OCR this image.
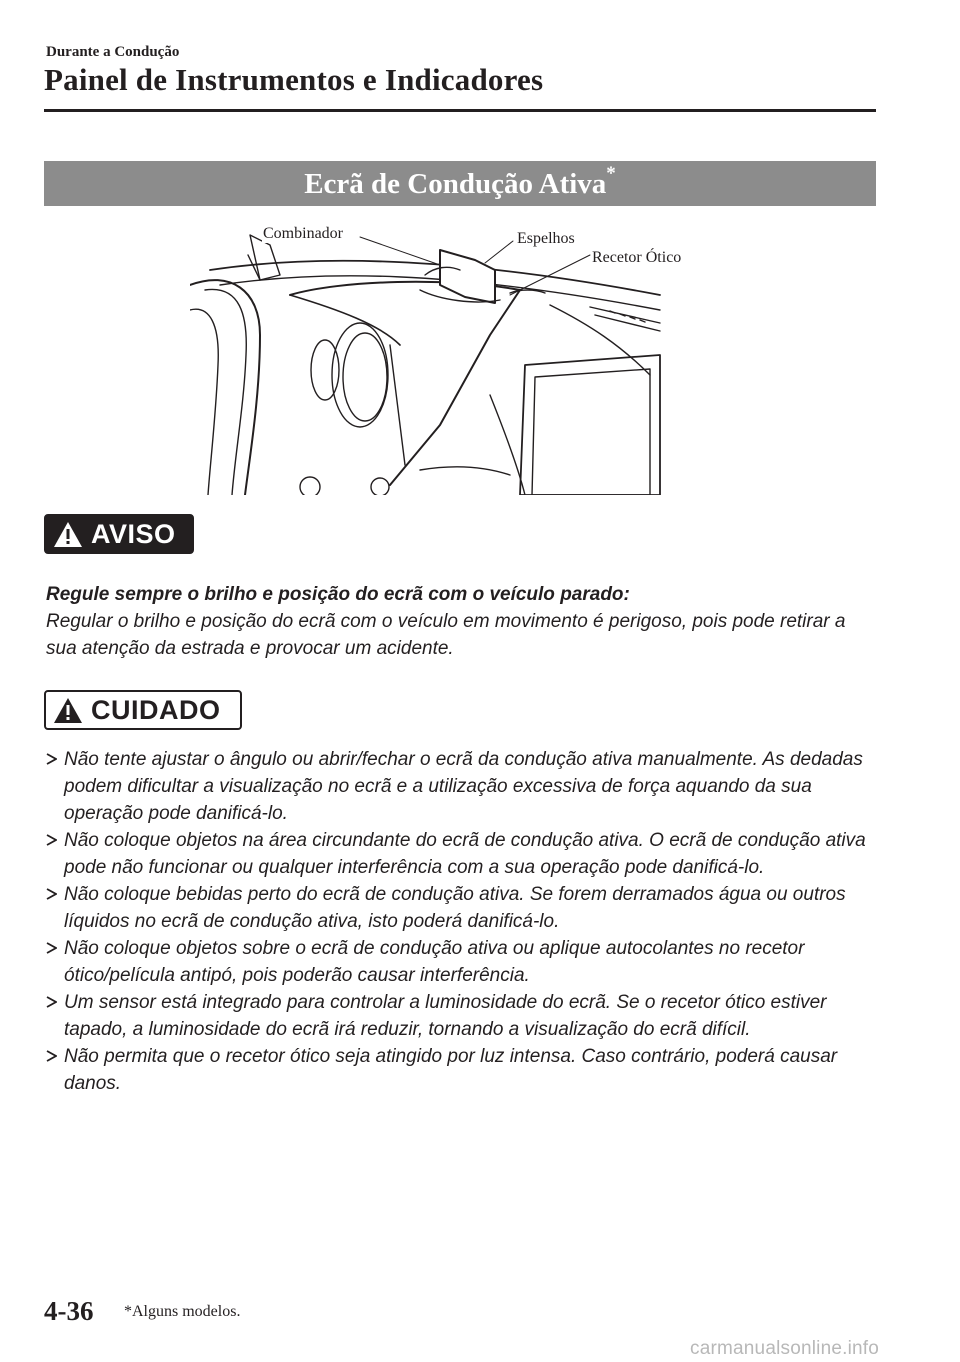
Durante a Condução
Painel de Instrumentos e Indicadores
Ecrã de Condução Ativa*
Combinador	Espelhos
Recetor Ótico
AVISO
Regule sempre o brilho e posição do ecrã com o veículo parado:
Regular o brilho e posição do ecrã com o veículo em movimento é perigoso, pois pode retirar a sua atenção da estrada e provocar um acidente.
CUIDADO
Não tente ajustar o ângulo ou abrir/fechar o ecrã da condução ativa manualmente. As dedadas podem dificultar a visualização no ecrã e a utilização excessiva de força aquando da sua operação pode danificá-lo.
Não coloque objetos na área circundante do ecrã de condução ativa. O ecrã de condução ativa pode não funcionar ou qualquer interferência com a sua operação pode danificá-lo.
Não coloque bebidas perto do ecrã de condução ativa. Se forem derramados água ou outros líquidos no ecrã de condução ativa, isto poderá danificá-lo.
Não coloque objetos sobre o ecrã de condução ativa ou aplique autocolantes no recetor ótico/película antipó, pois poderão causar interferência.
Um sensor está integrado para controlar a luminosidade do ecrã. Se o recetor ótico estiver tapado, a luminosidade do ecrã irá reduzir, tornando a visualização do ecrã difícil.
Não permita que o recetor ótico seja atingido por luz intensa. Caso contrário, poderá causar danos.
4-36 *Alguns modelos.
carmanualsonline.info
